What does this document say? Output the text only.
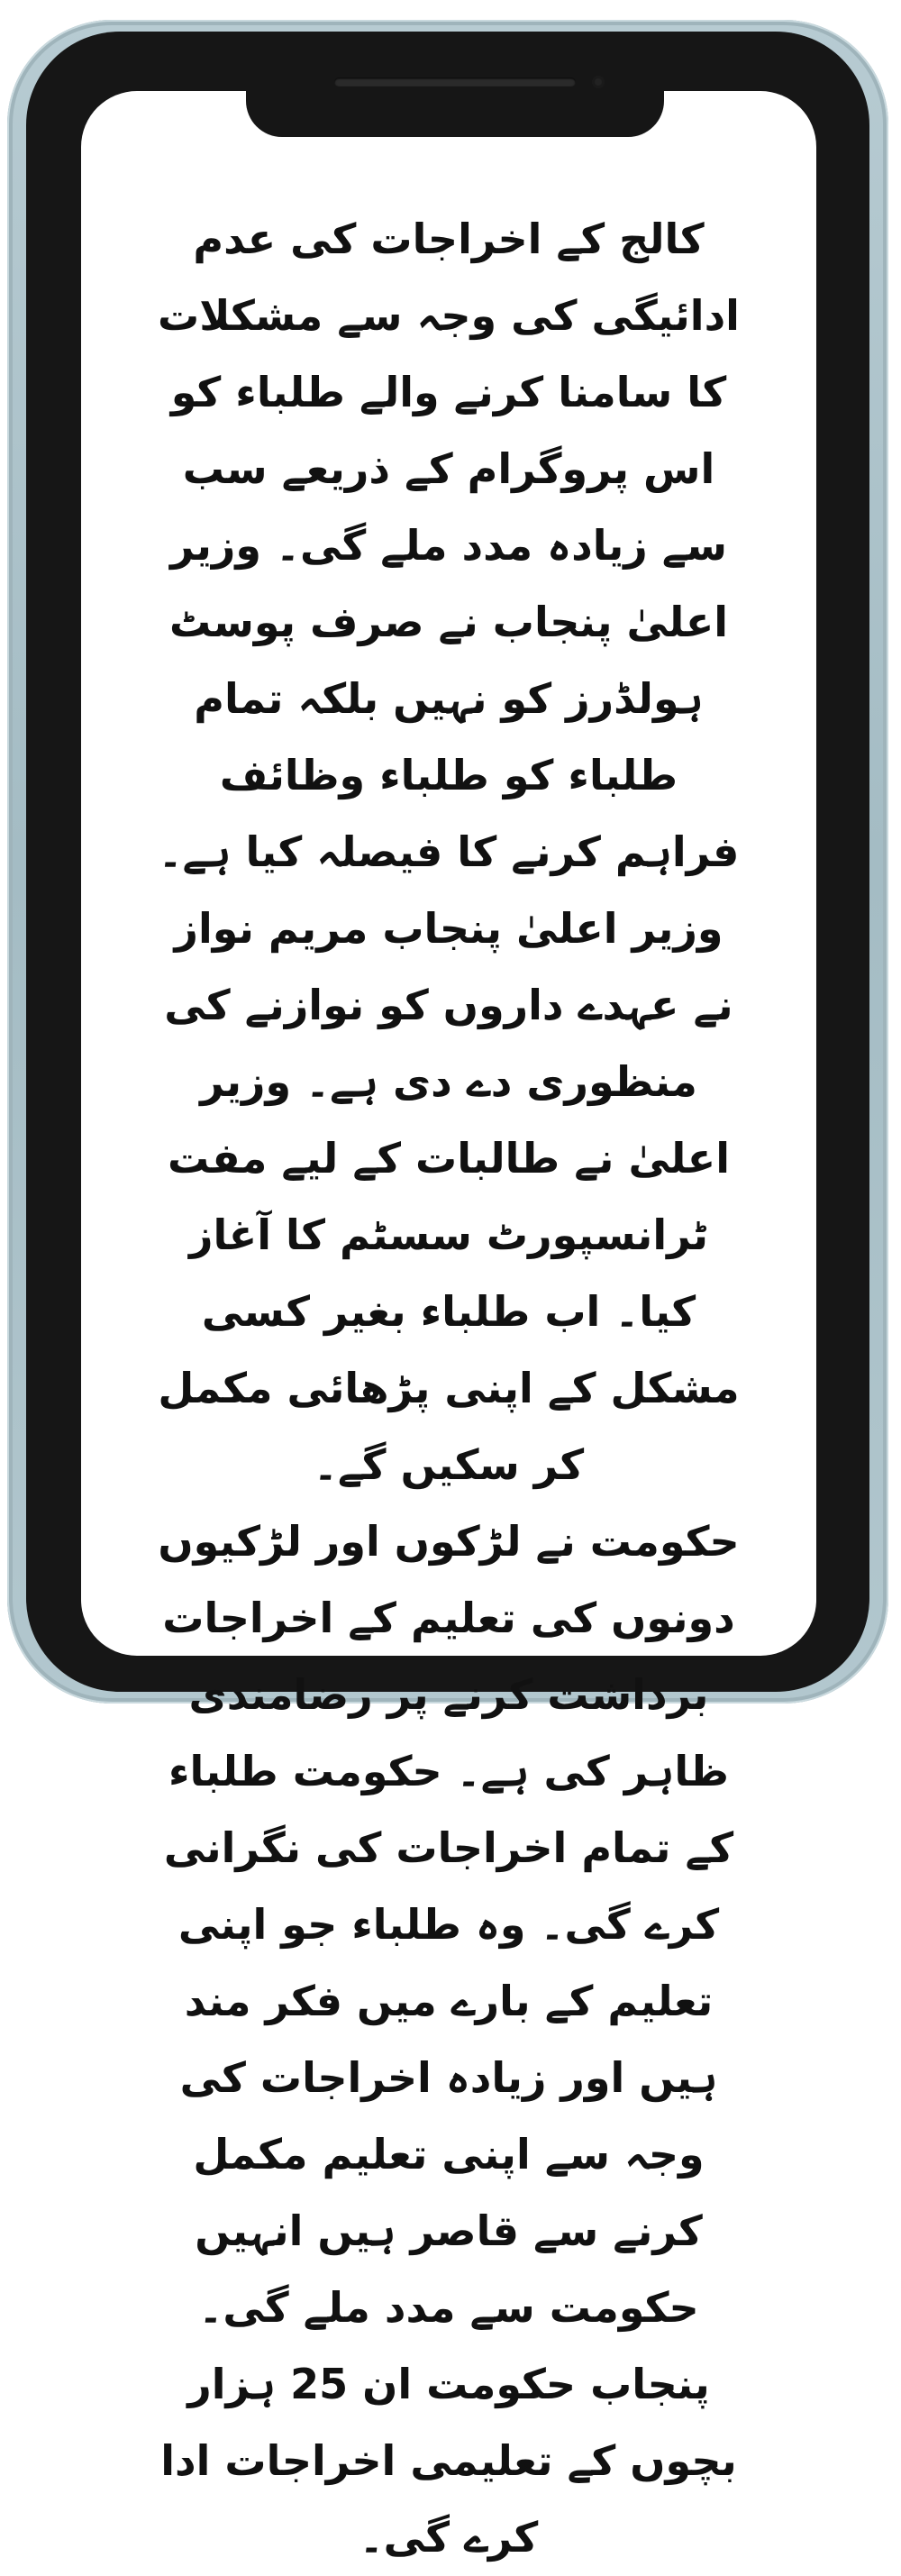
کالج کے اخراجات کی عدم ادائیگی کی وجہ سے مشکلات کا سامنا کرنے والے طلباء کو اس پروگرام کے ذریعے سب سے زیادہ مدد ملے گی۔ وزیر اعلیٰ پنجاب نے صرف پوسٹ ہولڈرز کو نہیں بلکہ تمام طلباء کو طلباء وظائف فراہم کرنے کا فیصلہ کیا ہے۔ وزیر اعلیٰ پنجاب مریم نواز نے عہدے داروں کو نوازنے کی منظوری دے دی ہے۔ وزیر اعلیٰ نے طالبات کے لیے مفت ٹرانسپورٹ سسٹم کا آغاز کیا۔ اب طلباء بغیر کسی مشکل کے اپنی پڑھائی مکمل کر سکیں گے۔

حکومت نے لڑکوں اور لڑکیوں دونوں کی تعلیم کے اخراجات برداشت کرنے پر رضامندی ظاہر کی ہے۔ حکومت طلباء کے تمام اخراجات کی نگرانی کرے گی۔ وہ طلباء جو اپنی تعلیم کے بارے میں فکر مند ہیں اور زیادہ اخراجات کی وجہ سے اپنی تعلیم مکمل کرنے سے قاصر ہیں انہیں حکومت سے مدد ملے گی۔ پنجاب حکومت ان 25 ہزار بچوں کے تعلیمی اخراجات ادا کرے گی۔
